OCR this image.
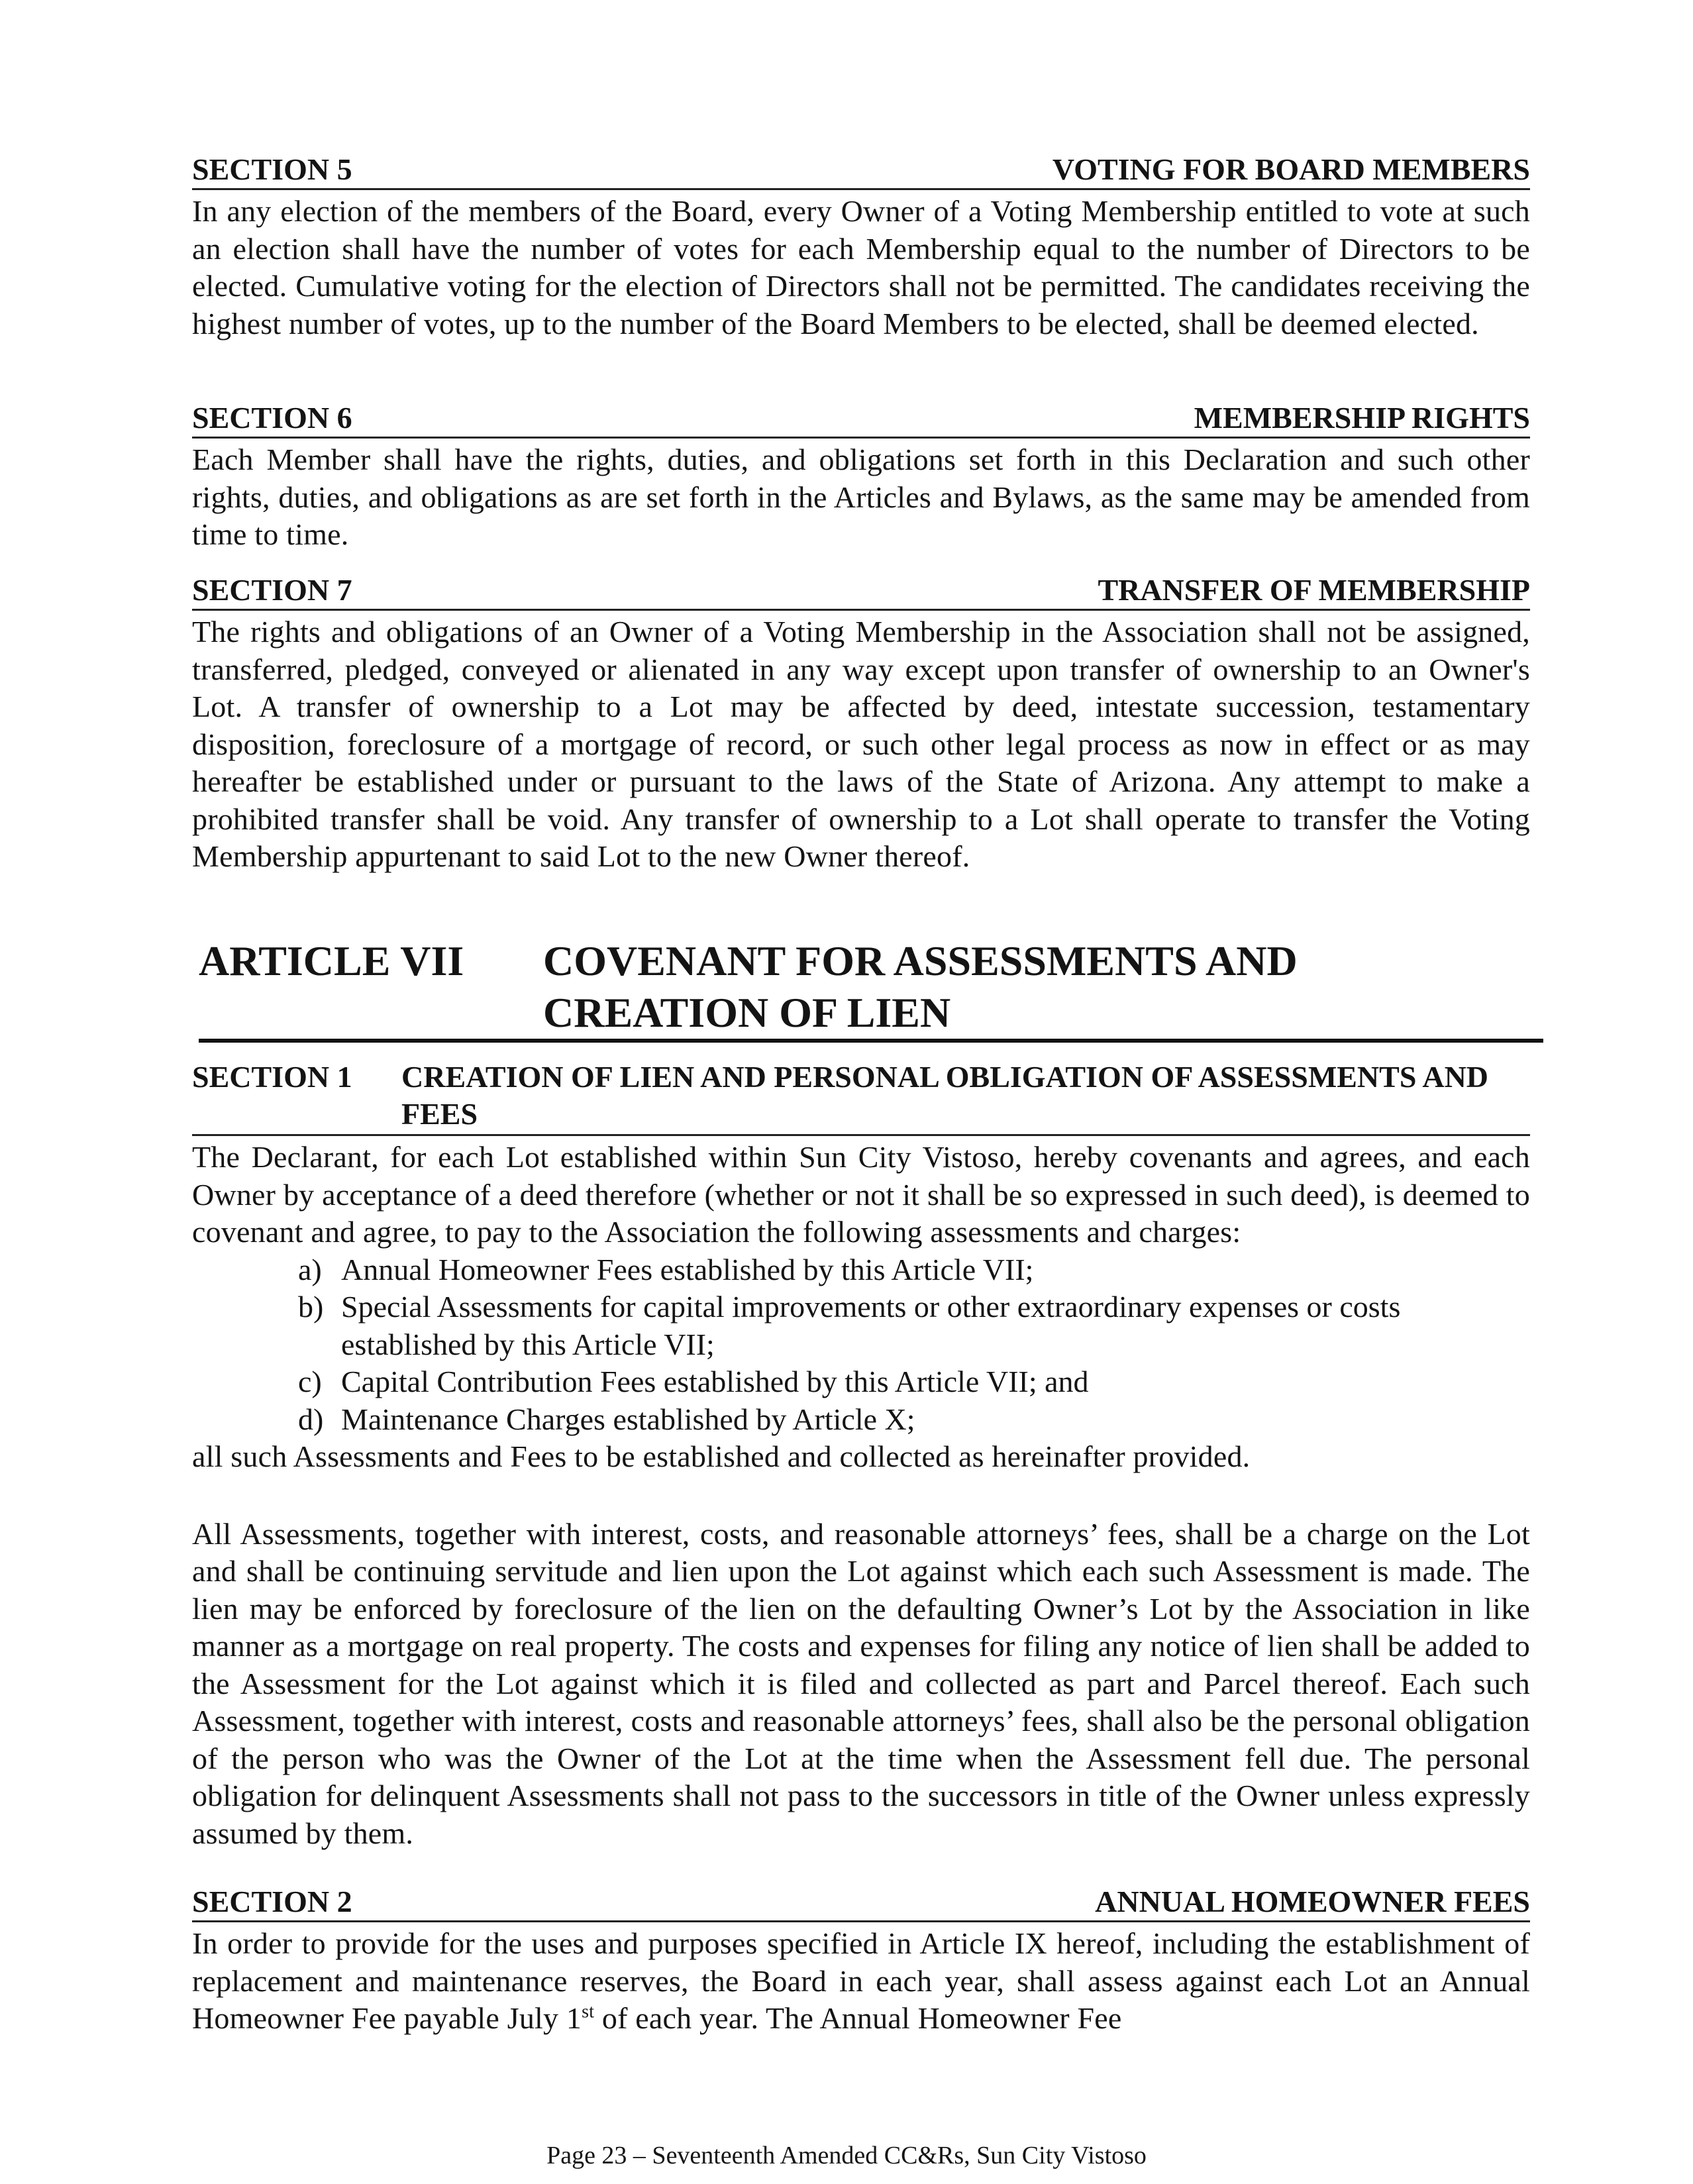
SECTION 5	VOTING FOR BOARD MEMBERS

In any election of the members of the Board, every Owner of a Voting Membership entitled to vote at such an election shall have the number of votes for each Membership equal to the number of Directors to be elected. Cumulative voting for the election of Directors shall not be permitted. The candidates receiving the highest number of votes, up to the number of the Board Members to be elected, shall be deemed elected.

SECTION 6	MEMBERSHIP RIGHTS

Each Member shall have the rights, duties, and obligations set forth in this Declaration and such other rights, duties, and obligations as are set forth in the Articles and Bylaws, as the same may be amended from time to time.

SECTION 7	TRANSFER OF MEMBERSHIP

The rights and obligations of an Owner of a Voting Membership in the Association shall not be assigned, transferred, pledged, conveyed or alienated in any way except upon transfer of ownership to an Owner's Lot. A transfer of ownership to a Lot may be affected by deed, intestate succession, testamentary disposition, foreclosure of a mortgage of record, or such other legal process as now in effect or as may hereafter be established under or pursuant to the laws of the State of Arizona. Any attempt to make a prohibited transfer shall be void. Any transfer of ownership to a Lot shall operate to transfer the Voting Membership appurtenant to said Lot to the new Owner thereof.

ARTICLE VII COVENANT FOR ASSESSMENTS AND
CREATION OF LIEN
SECTION 1	CREATION OF LIEN AND PERSONAL OBLIGATION OF ASSESSMENTS AND FEES

The Declarant, for each Lot established within Sun City Vistoso, hereby covenants and agrees, and each Owner by acceptance of a deed therefore (whether or not it shall be so expressed in such deed), is deemed to covenant and agree, to pay to the Association the following assessments and charges:

a) Annual Homeowner Fees established by this Article VII;
b) Special Assessments for capital improvements or other extraordinary expenses or costs established by this Article VII;
c) Capital Contribution Fees established by this Article VII; and
d) Maintenance Charges established by Article X;

all such Assessments and Fees to be established and collected as hereinafter provided.

All Assessments, together with interest, costs, and reasonable attorneys’ fees, shall be a charge on the Lot and shall be continuing servitude and lien upon the Lot against which each such Assessment is made. The lien may be enforced by foreclosure of the lien on the defaulting Owner’s Lot by the Association in like manner as a mortgage on real property. The costs and expenses for filing any notice of lien shall be added to the Assessment for the Lot against which it is filed and collected as part and Parcel thereof. Each such Assessment, together with interest, costs and reasonable attorneys’ fees, shall also be the personal obligation of the person who was the Owner of the Lot at the time when the Assessment fell due. The personal obligation for delinquent Assessments shall not pass to the successors in title of the Owner unless expressly assumed by them.

SECTION 2	ANNUAL HOMEOWNER FEES

In order to provide for the uses and purposes specified in Article IX hereof, including the establishment of replacement and maintenance reserves, the Board in each year, shall assess against each Lot an Annual Homeowner Fee payable July 1st of each year. The Annual Homeowner Fee

Page 23 – Seventeenth Amended CC&Rs, Sun City Vistoso
